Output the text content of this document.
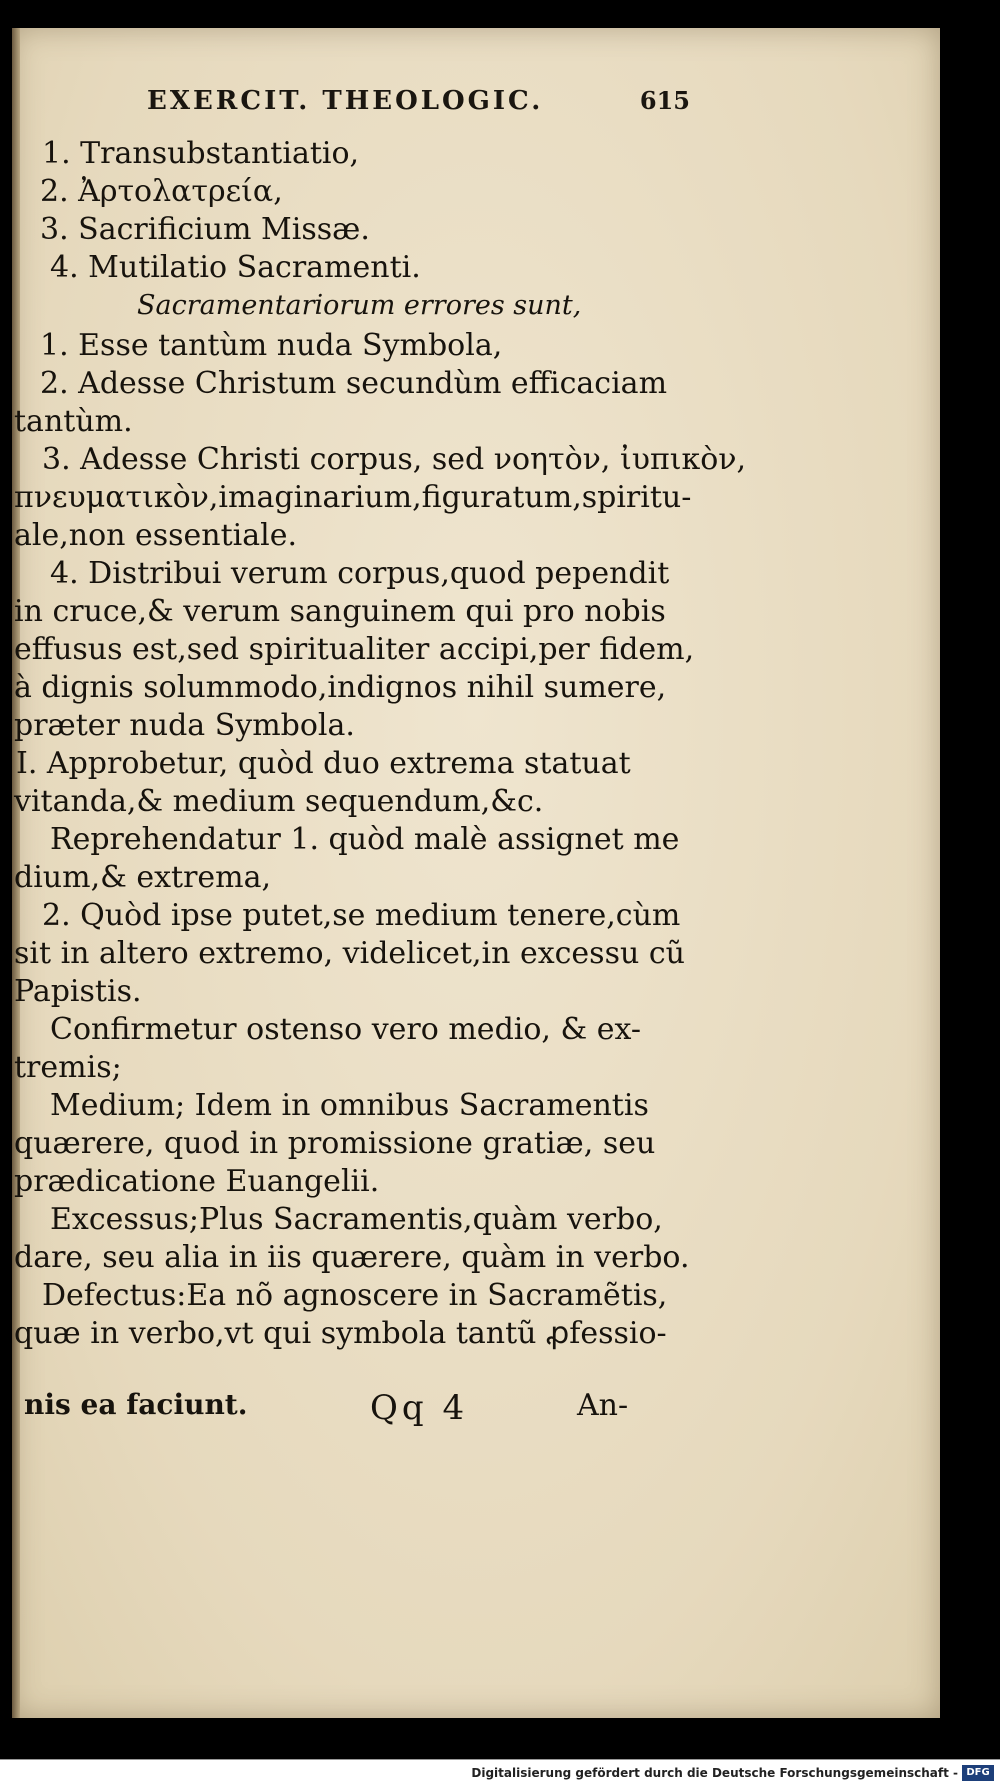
EXERCIT. THEOLOGIC.	615
1. Transubstantiatio,
2. Ἀρτολατρεία,
3. Sacrificium Missæ.
4. Mutilatio Sacramenti.
Sacramentariorum errores sunt,
1. Esse tantùm nuda Symbola,
2. Adesse Christum secundùm efficaciam
tantùm.
3. Adesse Christi corpus, sed νοητὸν, ἰυπικὸν,
πνευματικὸν,imaginarium,figuratum,spiritu-
ale,non essentiale.
4. Distribui verum corpus,quod pependit
in cruce,& verum sanguinem qui pro nobis
effusus est,sed spiritualiter accipi,per fidem,
à dignis solummodo,indignos nihil sumere,
præter nuda Symbola.
I. Approbetur, quòd duo extrema statuat
vitanda,& medium sequendum,&c.
Reprehendatur 1. quòd malè assignet me
dium,& extrema,
2. Quòd ipse putet,se medium tenere,cùm
sit in altero extremo, videlicet,in excessu cũ
Papistis.
Confirmetur ostenso vero medio, & ex-
tremis;
Medium; Idem in omnibus Sacramentis
quærere, quod in promissione gratiæ, seu
prædicatione Euangelii.
Excessus;Plus Sacramentis,quàm verbo,
dare, seu alia in iis quærere, quàm in verbo.
Defectus:Ea nõ agnoscere in Sacramẽtis,
quæ in verbo,vt qui symbola tantũ ꝓfessio-
nis ea faciunt.	Qq 4	An-
Digitalisierung gefördert durch die Deutsche Forschungsgemeinschaft - DFG
